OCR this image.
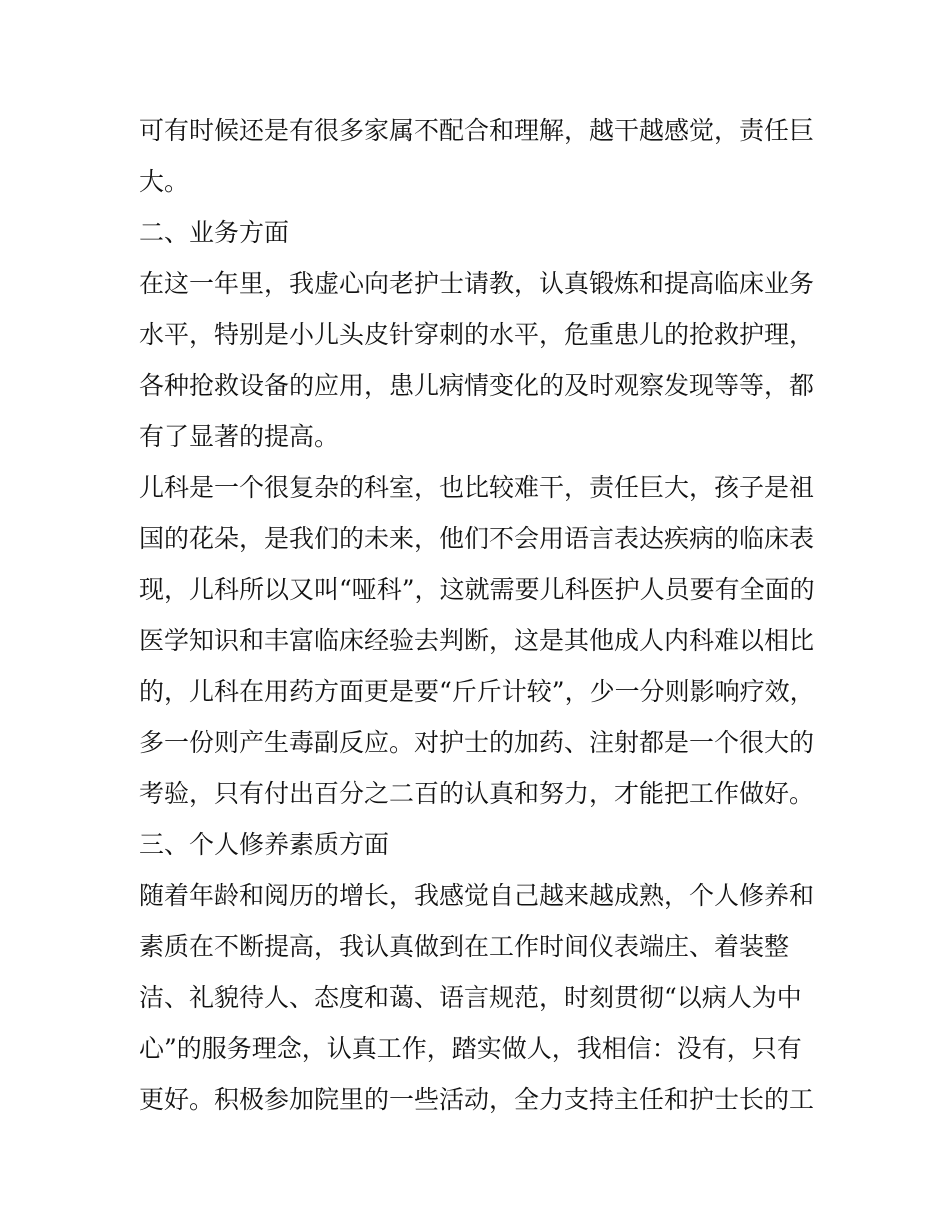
可有时候还是有很多家属不配合和理解，越干越感觉，责任巨
大。
二、业务方面
在这一年里，我虚心向老护士请教，认真锻炼和提高临床业务
水平，特别是小儿头皮针穿刺的水平，危重患儿的抢救护理，
各种抢救设备的应用，患儿病情变化的及时观察发现等等，都
有了显著的提高。
儿科是一个很复杂的科室，也比较难干，责任巨大，孩子是祖
国的花朵，是我们的未来，他们不会用语言表达疾病的临床表
现，儿科所以又叫“哑科”，这就需要儿科医护人员要有全面的
医学知识和丰富临床经验去判断，这是其他成人内科难以相比
的，儿科在用药方面更是要“斤斤计较”，少一分则影响疗效，
多一份则产生毒副反应。对护士的加药、注射都是一个很大的
考验，只有付出百分之二百的认真和努力，才能把工作做好。
三、个人修养素质方面
随着年龄和阅历的增长，我感觉自己越来越成熟，个人修养和
素质在不断提高，我认真做到在工作时间仪表端庄、着装整
洁、礼貌待人、态度和蔼、语言规范，时刻贯彻“以病人为中
心”的服务理念，认真工作，踏实做人，我相信：没有，只有
更好。积极参加院里的一些活动，全力支持主任和护士长的工
